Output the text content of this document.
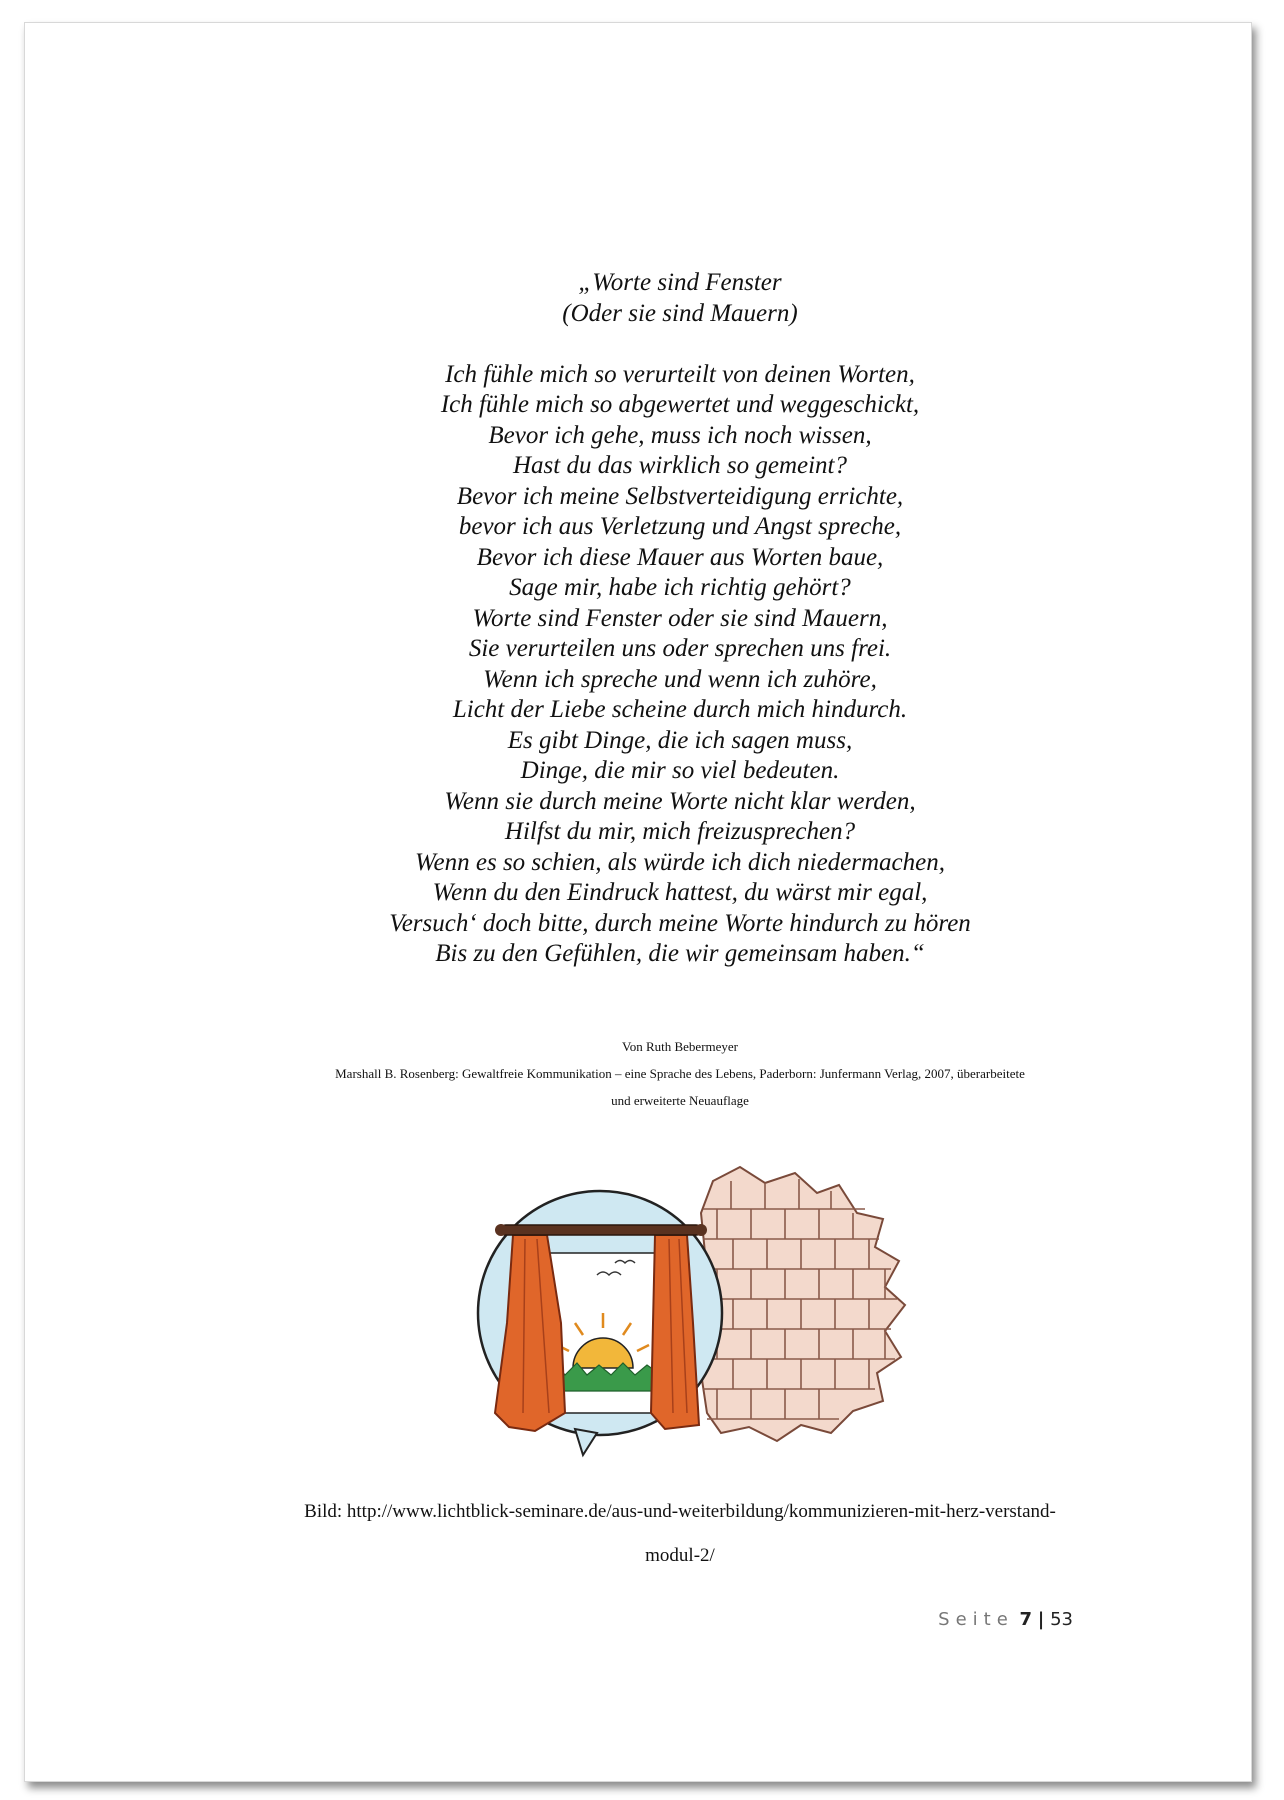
„Worte sind Fenster
(Oder sie sind Mauern)
Ich fühle mich so verurteilt von deinen Worten,
Ich fühle mich so abgewertet und weggeschickt,
Bevor ich gehe, muss ich noch wissen,
Hast du das wirklich so gemeint?
Bevor ich meine Selbstverteidigung errichte,
bevor ich aus Verletzung und Angst spreche,
Bevor ich diese Mauer aus Worten baue,
Sage mir, habe ich richtig gehört?
Worte sind Fenster oder sie sind Mauern,
Sie verurteilen uns oder sprechen uns frei.
Wenn ich spreche und wenn ich zuhöre,
Licht der Liebe scheine durch mich hindurch.
Es gibt Dinge, die ich sagen muss,
Dinge, die mir so viel bedeuten.
Wenn sie durch meine Worte nicht klar werden,
Hilfst du mir, mich freizusprechen?
Wenn es so schien, als würde ich dich niedermachen,
Wenn du den Eindruck hattest, du wärst mir egal,
Versuch‘ doch bitte, durch meine Worte hindurch zu hören
Bis zu den Gefühlen, die wir gemeinsam haben.“
Von Ruth Bebermeyer
Marshall B. Rosenberg: Gewaltfreie Kommunikation – eine Sprache des Lebens, Paderborn: Junfermann Verlag, 2007, überarbeitete
und erweiterte Neuauflage
Bild: http://www.lichtblick-seminare.de/aus-und-weiterbildung/kommunizieren-mit-herz-verstand-
modul-2/
Seite 7 | 53
